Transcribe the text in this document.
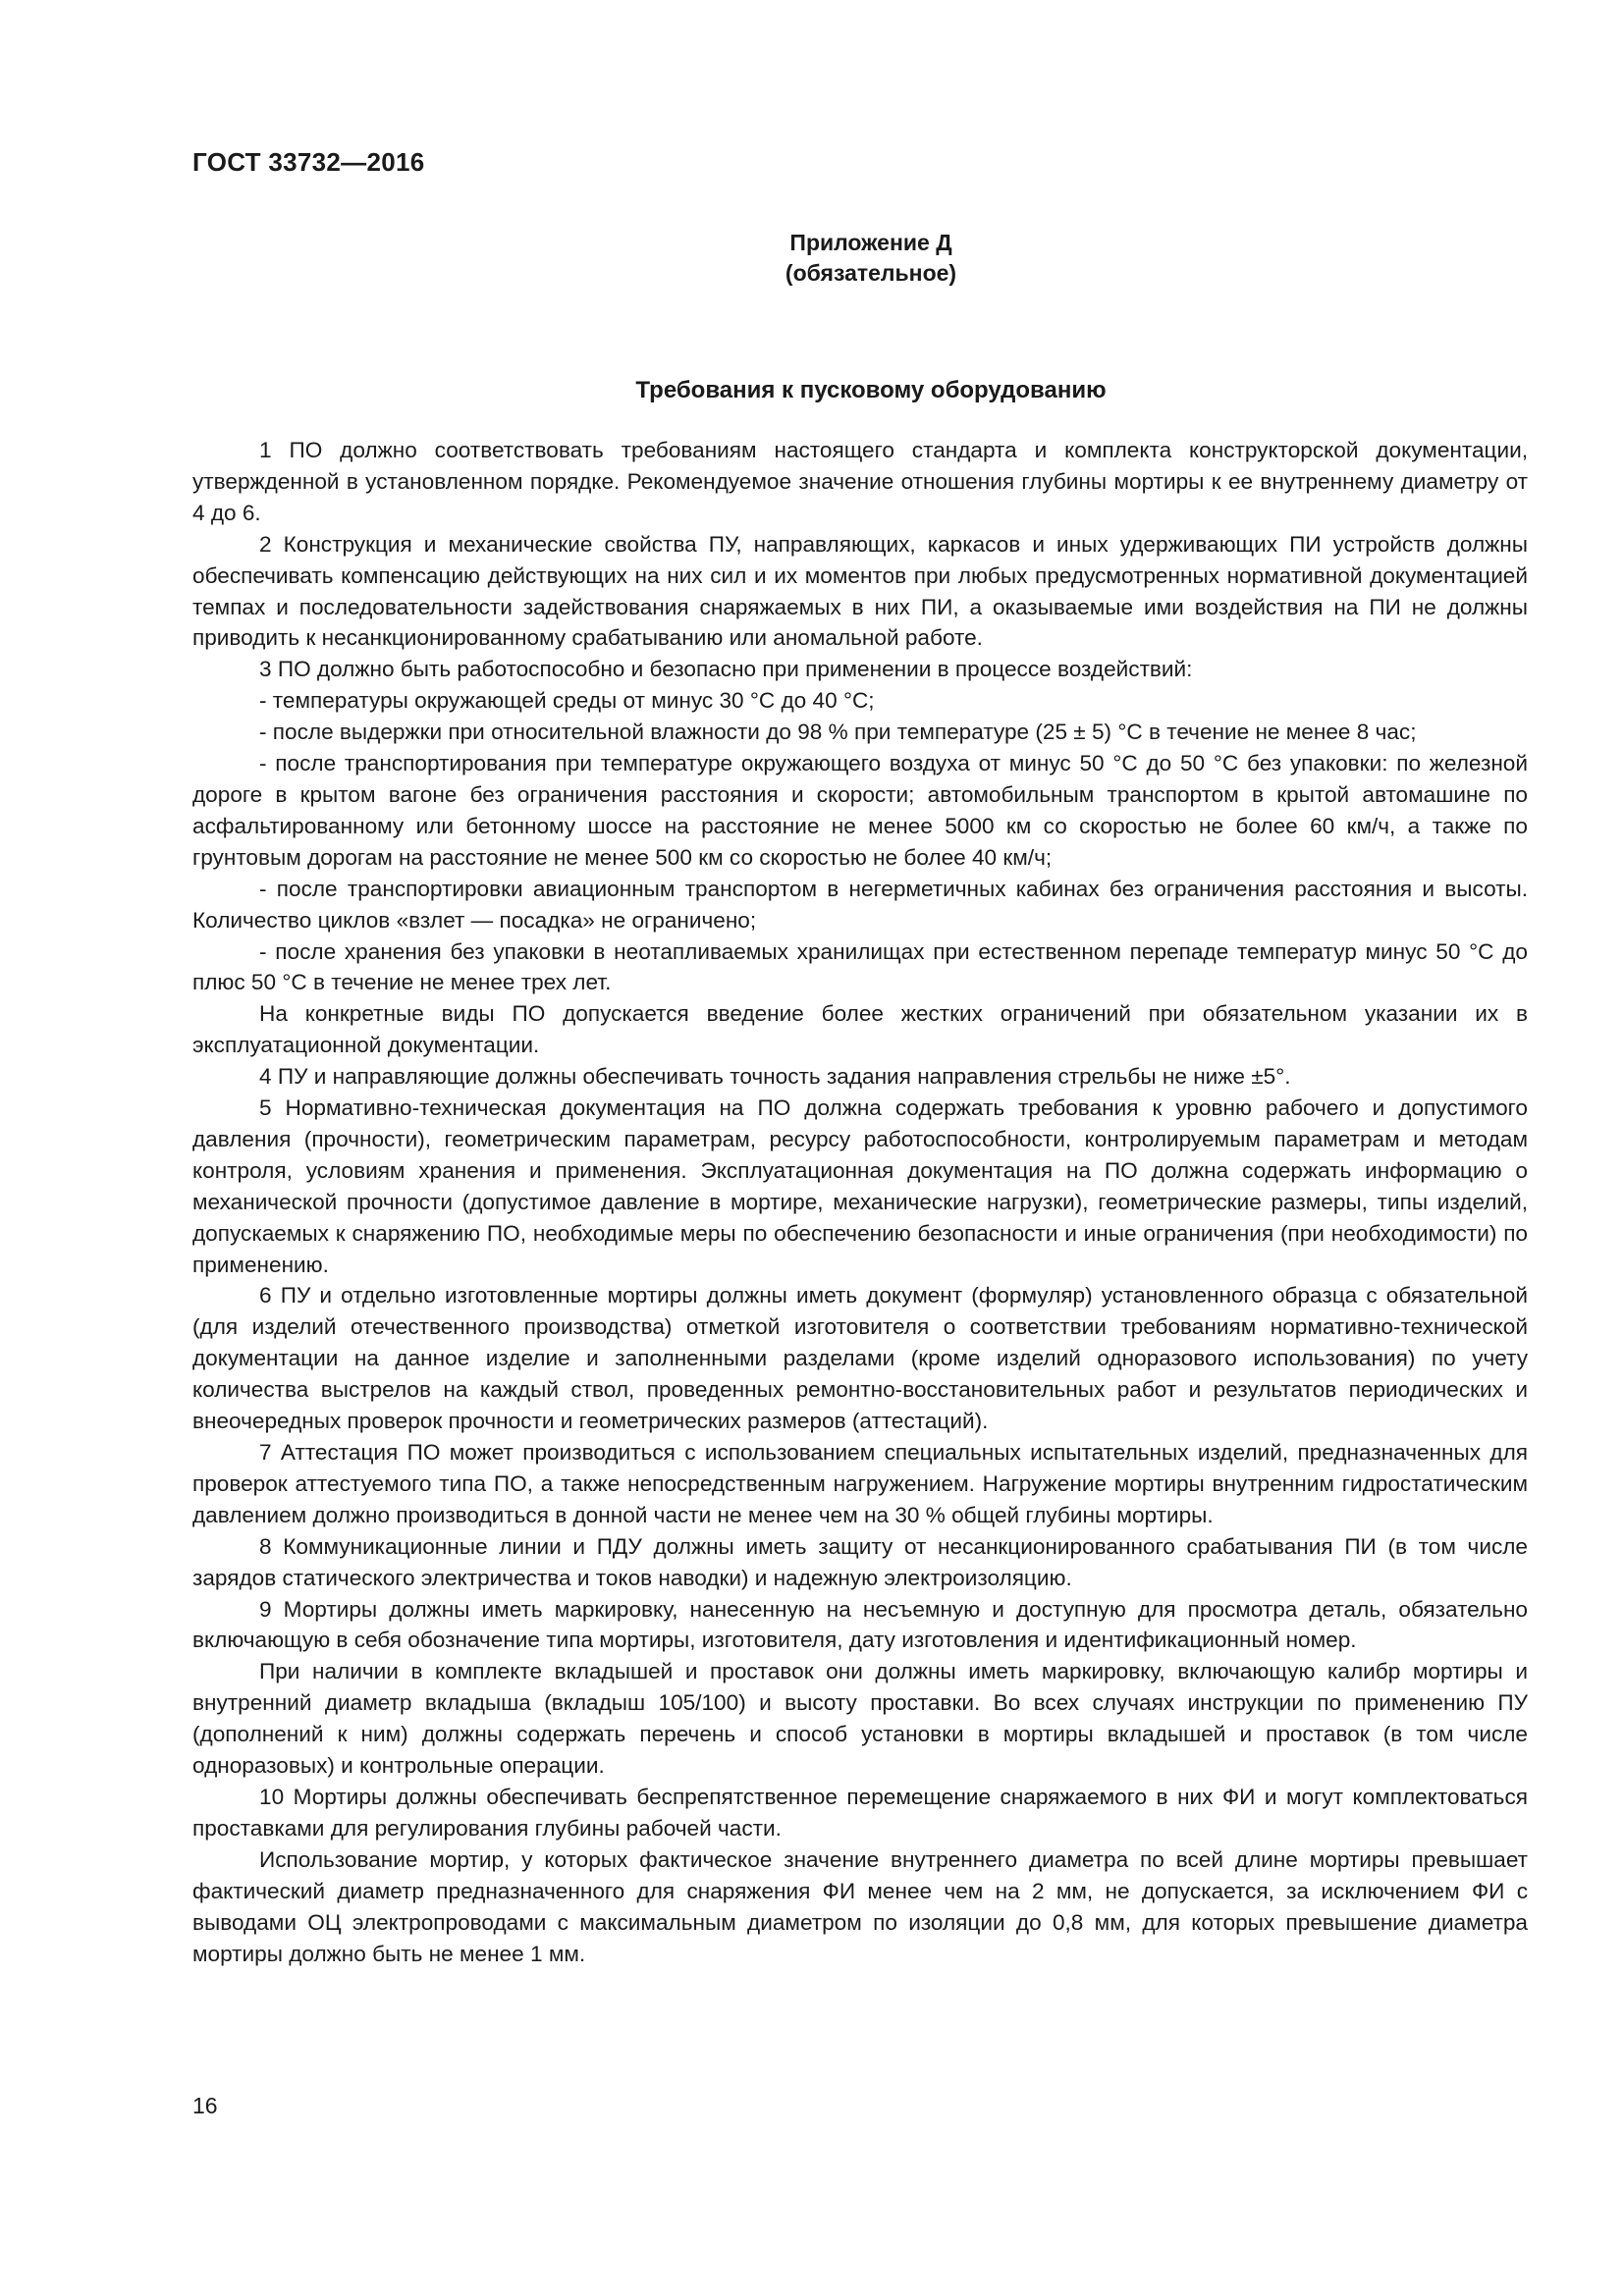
ГОСТ 33732—2016
Приложение Д
(обязательное)
Требования к пусковому оборудованию

1 ПО должно соответствовать требованиям настоящего стандарта и комплекта конструкторской документации, утвержденной в установленном порядке. Рекомендуемое значение отношения глубины мортиры к ее внутреннему диаметру от 4 до 6.

2 Конструкция и механические свойства ПУ, направляющих, каркасов и иных удерживающих ПИ устройств должны обеспечивать компенсацию действующих на них сил и их моментов при любых предусмотренных нормативной документацией темпах и последовательности задействования снаряжаемых в них ПИ, а оказываемые ими воздействия на ПИ не должны приводить к несанкционированному срабатыванию или аномальной работе.

3 ПО должно быть работоспособно и безопасно при применении в процессе воздействий:

- температуры окружающей среды от минус 30 °С до 40 °С;

- после выдержки при относительной влажности до 98 % при температуре (25 ± 5) °С в течение не менее 8 час;

- после транспортирования при температуре окружающего воздуха от минус 50 °С до 50 °С без упаковки: по железной дороге в крытом вагоне без ограничения расстояния и скорости; автомобильным транспортом в крытой автомашине по асфальтированному или бетонному шоссе на расстояние не менее 5000 км со скоростью не более 60 км/ч, а также по грунтовым дорогам на расстояние не менее 500 км со скоростью не более 40 км/ч;

- после транспортировки авиационным транспортом в негерметичных кабинах без ограничения расстояния и высоты. Количество циклов «взлет — посадка» не ограничено;

- после хранения без упаковки в неотапливаемых хранилищах при естественном перепаде температур минус 50 °С до плюс 50 °С в течение не менее трех лет.

На конкретные виды ПО допускается введение более жестких ограничений при обязательном указании их в эксплуатационной документации.

4 ПУ и направляющие должны обеспечивать точность задания направления стрельбы не ниже ±5°.

5 Нормативно-техническая документация на ПО должна содержать требования к уровню рабочего и допустимого давления (прочности), геометрическим параметрам, ресурсу работоспособности, контролируемым параметрам и методам контроля, условиям хранения и применения. Эксплуатационная документация на ПО должна содержать информацию о механической прочности (допустимое давление в мортире, механические нагрузки), геометрические размеры, типы изделий, допускаемых к снаряжению ПО, необходимые меры по обеспечению безопасности и иные ограничения (при необходимости) по применению.

6 ПУ и отдельно изготовленные мортиры должны иметь документ (формуляр) установленного образца с обязательной (для изделий отечественного производства) отметкой изготовителя о соответствии требованиям нормативно-технической документации на данное изделие и заполненными разделами (кроме изделий одноразового использования) по учету количества выстрелов на каждый ствол, проведенных ремонтно-восстановительных работ и результатов периодических и внеочередных проверок прочности и геометрических размеров (аттестаций).

7 Аттестация ПО может производиться с использованием специальных испытательных изделий, предназначенных для проверок аттестуемого типа ПО, а также непосредственным нагружением. Нагружение мортиры внутренним гидростатическим давлением должно производиться в донной части не менее чем на 30 % общей глубины мортиры.

8 Коммуникационные линии и ПДУ должны иметь защиту от несанкционированного срабатывания ПИ (в том числе зарядов статического электричества и токов наводки) и надежную электроизоляцию.

9 Мортиры должны иметь маркировку, нанесенную на несъемную и доступную для просмотра деталь, обязательно включающую в себя обозначение типа мортиры, изготовителя, дату изготовления и идентификационный номер.

При наличии в комплекте вкладышей и проставок они должны иметь маркировку, включающую калибр мортиры и внутренний диаметр вкладыша (вкладыш 105/100) и высоту проставки. Во всех случаях инструкции по применению ПУ (дополнений к ним) должны содержать перечень и способ установки в мортиры вкладышей и проставок (в том числе одноразовых) и контрольные операции.

10 Мортиры должны обеспечивать беспрепятственное перемещение снаряжаемого в них ФИ и могут комплектоваться проставками для регулирования глубины рабочей части.

Использование мортир, у которых фактическое значение внутреннего диаметра по всей длине мортиры превышает фактический диаметр предназначенного для снаряжения ФИ менее чем на 2 мм, не допускается, за исключением ФИ с выводами ОЦ электропроводами с максимальным диаметром по изоляции до 0,8 мм, для которых превышение диаметра мортиры должно быть не менее 1 мм.

16
